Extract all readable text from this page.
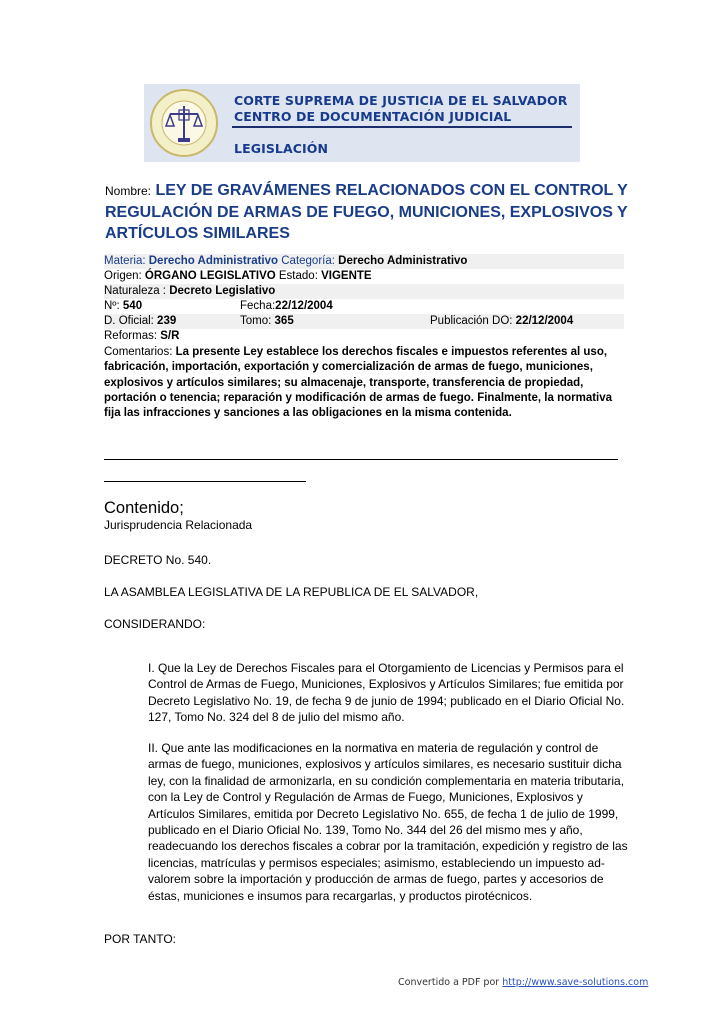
CORTE SUPREMA DE JUSTICIA DE EL SALVADOR
CENTRO DE DOCUMENTACIÓN JUDICIAL
LEGISLACIÓN
Nombre: LEY DE GRAVÁMENES RELACIONADOS CON EL CONTROL Y REGULACIÓN DE ARMAS DE FUEGO, MUNICIONES, EXPLOSIVOS Y ARTÍCULOS SIMILARES
Materia: Derecho Administrativo Categoría: Derecho Administrativo
Origen: ÓRGANO LEGISLATIVO Estado: VIGENTE
Naturaleza : Decreto Legislativo
Nº: 540	Fecha:22/12/2004
D. Oficial: 239	Tomo: 365	Publicación DO: 22/12/2004
Reformas: S/R
Comentarios: La presente Ley establece los derechos fiscales e impuestos referentes al uso, fabricación, importación, exportación y comercialización de armas de fuego, municiones, explosivos y artículos similares; su almacenaje, transporte, transferencia de propiedad, portación o tenencia; reparación y modificación de armas de fuego. Finalmente, la normativa fija las infracciones y sanciones a las obligaciones en la misma contenida.
Contenido;
Jurisprudencia Relacionada
DECRETO No. 540.
LA ASAMBLEA LEGISLATIVA DE LA REPUBLICA DE EL SALVADOR,
CONSIDERANDO:
I. Que la Ley de Derechos Fiscales para el Otorgamiento de Licencias y Permisos para el Control de Armas de Fuego, Municiones, Explosivos y Artículos Similares; fue emitida por Decreto Legislativo No. 19, de fecha 9 de junio de 1994; publicado en el Diario Oficial No. 127, Tomo No. 324 del 8 de julio del mismo año.
II. Que ante las modificaciones en la normativa en materia de regulación y control de armas de fuego, municiones, explosivos y artículos similares, es necesario sustituir dicha ley, con la finalidad de armonizarla, en su condición complementaria en materia tributaria, con la Ley de Control y Regulación de Armas de Fuego, Municiones, Explosivos y Artículos Similares, emitida por Decreto Legislativo No. 655, de fecha 1 de julio de 1999, publicado en el Diario Oficial No. 139, Tomo No. 344 del 26 del mismo mes y año, readecuando los derechos fiscales a cobrar por la tramitación, expedición y registro de las licencias, matrículas y permisos especiales; asimismo, estableciendo un impuesto ad-valorem sobre la importación y producción de armas de fuego, partes y accesorios de éstas, municiones e insumos para recargarlas, y productos pirotécnicos.
POR TANTO:
Convertido a PDF por http://www.save-solutions.com
